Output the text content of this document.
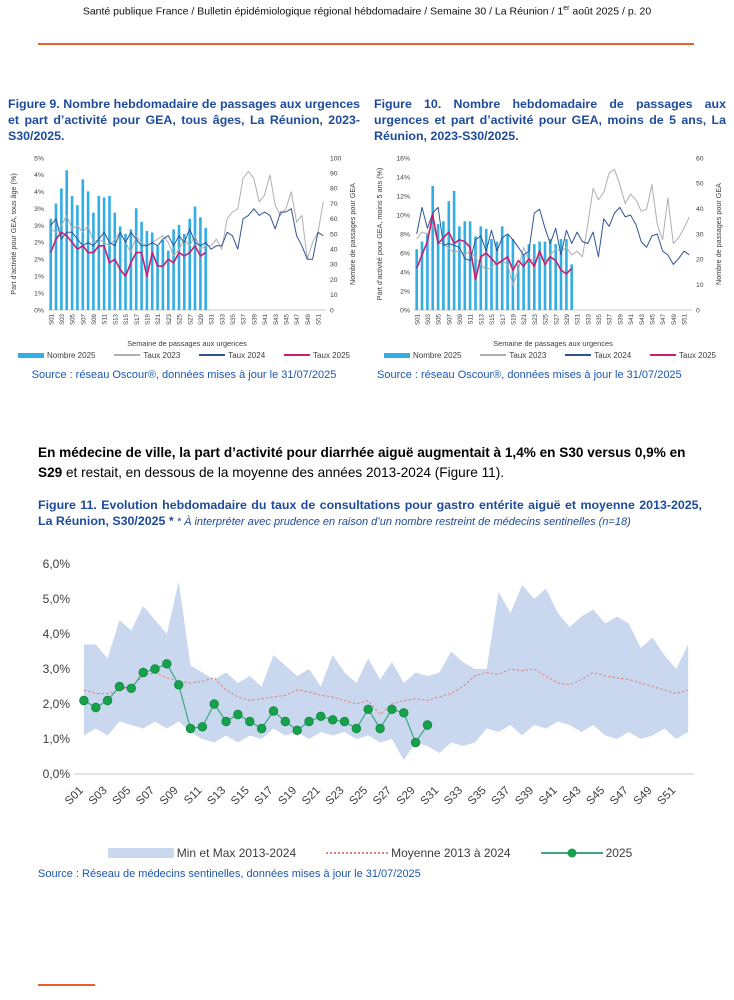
Santé publique France / Bulletin épidémiologique régional hébdomadaire / Semaine 30 / La Réunion / 1er août 2025 / p. 20
Figure 9. Nombre hebdomadaire de passages aux urgences et part d’activité pour GEA, tous âges, La Réunion, 2023-S30/2025.
0%
1%
1%
2%
2%
3%
3%
4%
4%
5%
0
10
20
30
40
50
60
70
80
90
100
S01 S03 S05 S07 S09 S11 S13 S15 S17 S19 S21 S23 S25 S27 S29 S31 S33 S35 S37 S39 S41 S43 S45 S47 S49 S51
Part d’activité pour GEA, tous âge (%)	Nombre de passages pour GEA
Semaine de passages aux urgences
Nombre 2025	Taux 2023	Taux 2024	Taux 2025
Source : réseau Oscour®, données mises à jour le 31/07/2025
Figure 10. Nombre hebdomadaire de passages aux urgences et part d’activité pour GEA, moins de 5 ans, La Réunion, 2023-S30/2025.
0%
2%
4%
6%
8%
10%
12%
14%
16%
0
10
20
30
40
50
60
S01 S03 S05 S07 S09 S11 S13 S15 S17 S19 S21 S23 S25 S27 S29 S31 S33 S35 S37 S39 S41 S43 S45 S47 S49 S51
Part d’activité pour GEA, moins 5 ans (%)	Nombre de passages pour GEA
Semaine de passages aux urgences
Nombre 2025	Taux 2023	Taux 2024	Taux 2025
Source : réseau Oscour®, données mises à jour le 31/07/2025

En médecine de ville, la part d’activité pour diarrhée aiguë augmentait à 1,4% en S30 versus 0,9% en S29 et restait, en dessous de la moyenne des années 2013-2024 (Figure 11).

Figure 11. Evolution hebdomadaire du taux de consultations pour gastro entérite aiguë et moyenne 2013-2025, La Réunion, S30/2025 * * À interpréter avec prudence en raison d’un nombre restreint de médecins sentinelles (n=18)
0,0%
1,0%
2,0%
3,0%
4,0%
5,0%
6,0%
S01 S03 S05 S07 S09 S11 S13 S15 S17 S19 S21 S23 S25 S27 S29 S31 S33 S35 S37 S39 S41 S43 S45 S47 S49 S51
Min et Max 2013-2024	Moyenne 2013 à 2024	2025
Source : Réseau de médecins sentinelles, données mises à jour le 31/07/2025
